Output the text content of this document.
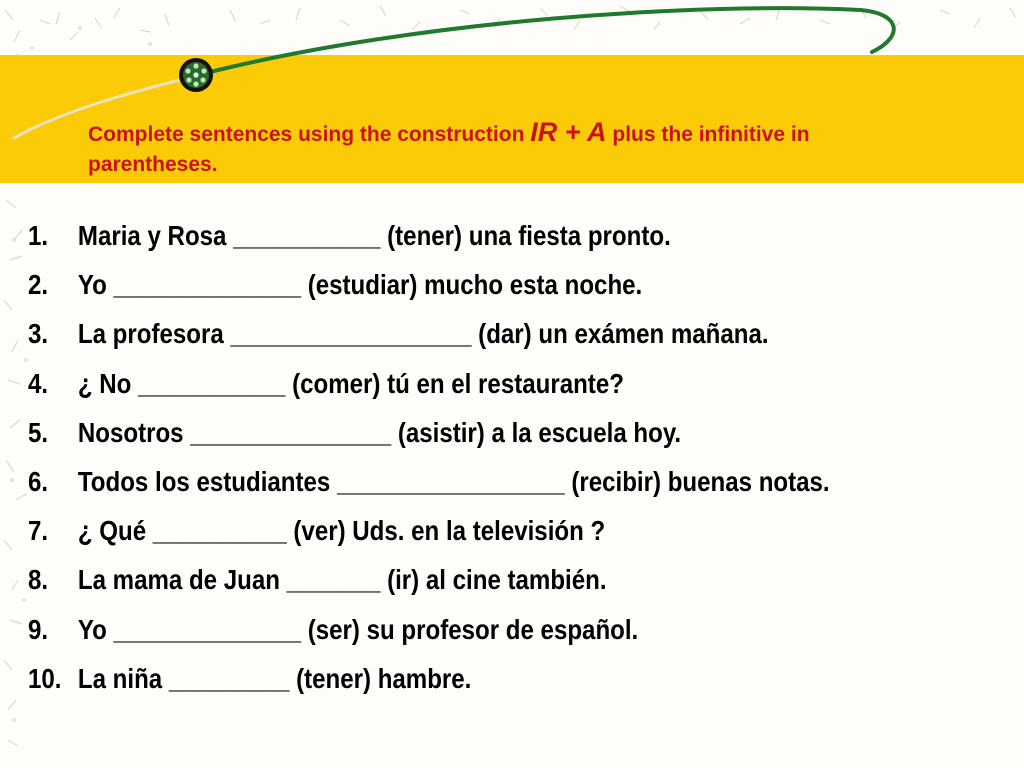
Complete sentences using the construction IR + A plus the infinitive in parentheses.
1.	Maria y Rosa ___________ (tener) una fiesta pronto.
2.	Yo ______________ (estudiar) mucho esta noche.
3.	La profesora __________________ (dar) un exámen mañana.
4.	¿ No ___________ (comer) tú en el restaurante?
5.	Nosotros _______________ (asistir) a la escuela hoy.
6.	Todos los estudiantes _________________ (recibir) buenas notas.
7.	¿ Qué __________ (ver) Uds. en la televisión ?
8.	La mama de Juan _______ (ir) al cine también.
9.	Yo ______________ (ser) su profesor de español.
10. La niña _________ (tener) hambre.
